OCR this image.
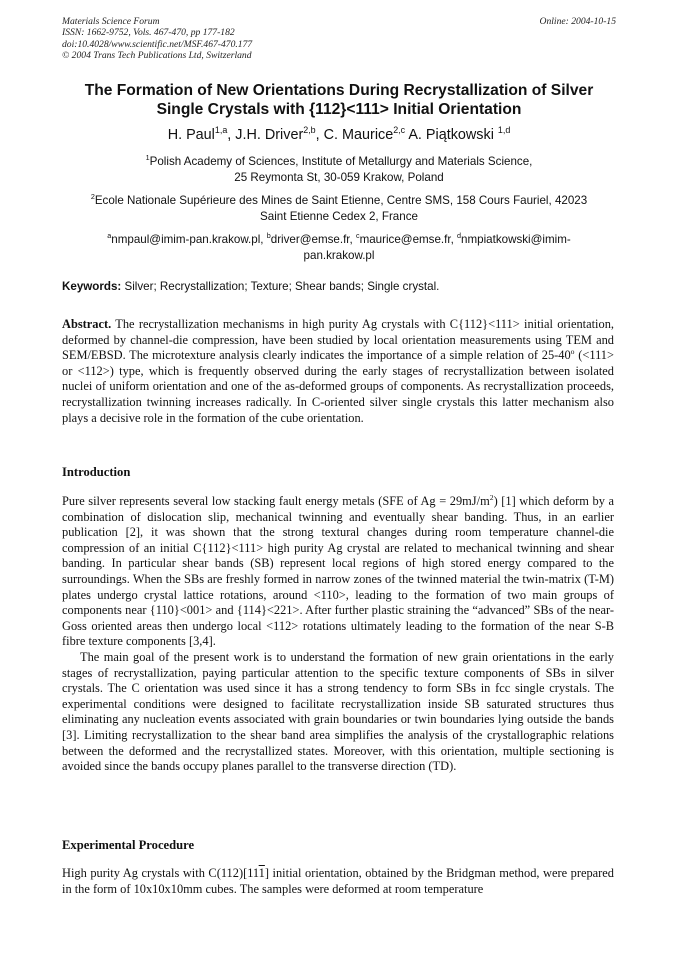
Materials Science Forum
ISSN: 1662-9752, Vols. 467-470, pp 177-182
doi:10.4028/www.scientific.net/MSF.467-470.177
© 2004 Trans Tech Publications Ltd, Switzerland
Online: 2004-10-15
The Formation of New Orientations During Recrystallization of Silver
Single Crystals with {112}<111> Initial Orientation
H. Paul$^{1,a}$, J.H. Driver$^{2,b}$, C. Maurice$^{2,c}$ A. Piątkowski $^{1,d}$
$^1$Polish Academy of Sciences, Institute of Metallurgy and Materials Science,
25 Reymonta St, 30-059 Krakow, Poland
$^2$Ecole Nationale Supérieure des Mines de Saint Etienne, Centre SMS, 158 Cours Fauriel, 42023
Saint Etienne Cedex 2, France
$^a$nmpaul@imim-pan.krakow.pl, $^b$driver@emse.fr, $^c$maurice@emse.fr, $^d$nmpiatkowski@imim-
pan.krakow.pl
Keywords: Silver; Recrystallization; Texture; Shear bands; Single crystal.
Abstract. The recrystallization mechanisms in high purity Ag crystals with C{112}<111> initial orientation, deformed by channel-die compression, have been studied by local orientation measurements using TEM and SEM/EBSD. The microtexture analysis clearly indicates the importance of a simple relation of 25-40$^o$ (<111> or <112>) type, which is frequently observed during the early stages of recrystallization between isolated nuclei of uniform orientation and one of the as-deformed groups of components. As recrystallization proceeds, recrystallization twinning increases radically. In C-oriented silver single crystals this latter mechanism also plays a decisive role in the formation of the cube orientation.
Introduction
Pure silver represents several low stacking fault energy metals (SFE of $Ag = 29mJ/m^2$) [1] which deform by a combination of dislocation slip, mechanical twinning and eventually shear banding. Thus, in an earlier publication [2], it was shown that the strong textural changes during room temperature channel-die compression of an initial C{112}<111> high purity Ag crystal are related to mechanical twinning and shear banding. In particular shear bands (SB) represent local regions of high stored energy compared to the surroundings. When the SBs are freshly formed in narrow zones of the twinned material the twin-matrix (T-M) plates undergo crystal lattice rotations, around <110>, leading to the formation of two main groups of components near {110}<001> and {114}<221>. After further plastic straining the “advanced” SBs of the near-Goss oriented areas then undergo local <112> rotations ultimately leading to the formation of the near S-B fibre texture components [3,4].
The main goal of the present work is to understand the formation of new grain orientations in the early stages of recrystallization, paying particular attention to the specific texture components of SBs in silver crystals. The C orientation was used since it has a strong tendency to form SBs in fcc single crystals. The experimental conditions were designed to facilitate recrystallization inside SB saturated structures thus eliminating any nucleation events associated with grain boundaries or twin boundaries lying outside the bands [3]. Limiting recrystallization to the shear band area simplifies the analysis of the crystallographic relations between the deformed and the recrystallized states. Moreover, with this orientation, multiple sectioning is avoided since the bands occupy planes parallel to the transverse direction (TD).
Experimental Procedure
High purity Ag crystals with C(112)[111] initial orientation, obtained by the Bridgman method, were prepared in the form of 10x10x10mm cubes. The samples were deformed at room temperature
